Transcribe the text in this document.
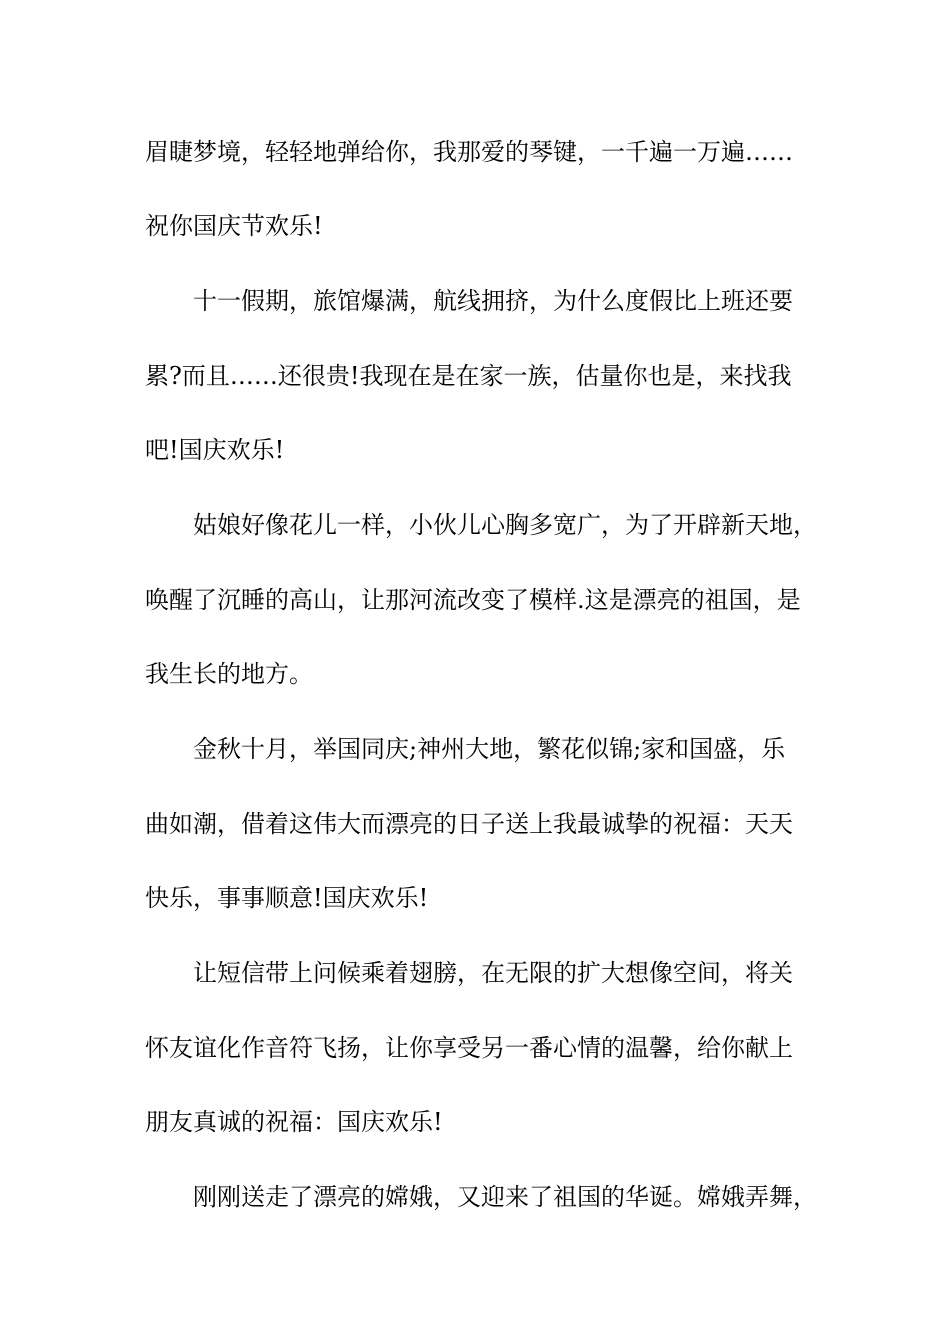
眉睫梦境，轻轻地弹给你，我那爱的琴键，一千遍一万遍……
祝你国庆节欢乐!
十一假期，旅馆爆满，航线拥挤，为什么度假比上班还要
累?而且……还很贵!我现在是在家一族，估量你也是，来找我
吧!国庆欢乐!
姑娘好像花儿一样，小伙儿心胸多宽广，为了开辟新天地，
唤醒了沉睡的高山，让那河流改变了模样.这是漂亮的祖国，是
我生长的地方。
金秋十月，举国同庆;神州大地，繁花似锦;家和国盛，乐
曲如潮，借着这伟大而漂亮的日子送上我最诚挚的祝福：天天
快乐，事事顺意!国庆欢乐!
让短信带上问候乘着翅膀，在无限的扩大想像空间，将关
怀友谊化作音符飞扬，让你享受另一番心情的温馨，给你献上
朋友真诚的祝福：国庆欢乐!
刚刚送走了漂亮的嫦娥，又迎来了祖国的华诞。嫦娥弄舞，
